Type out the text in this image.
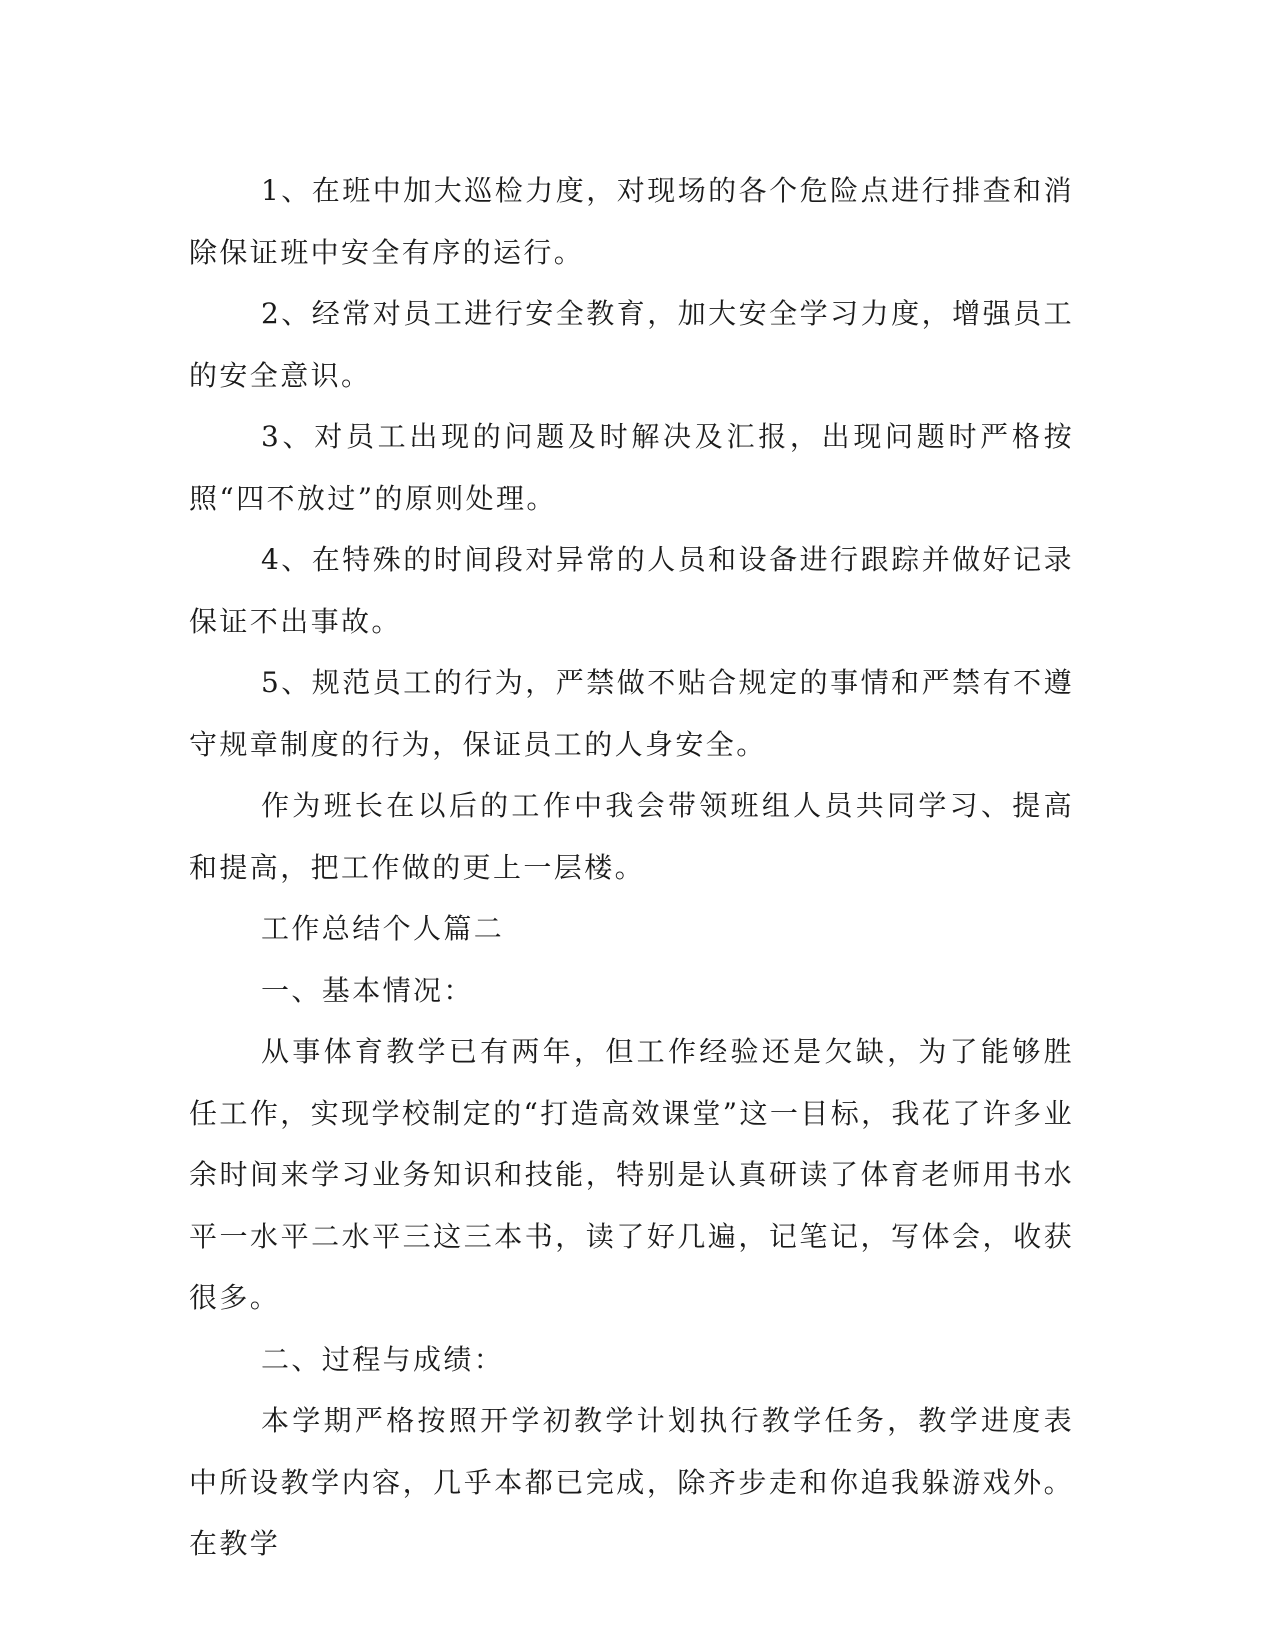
1、在班中加大巡检力度，对现场的各个危险点进行排查和消除保证班中安全有序的运行。

2、经常对员工进行安全教育，加大安全学习力度，增强员工的安全意识。

3、对员工出现的问题及时解决及汇报，出现问题时严格按照“四不放过”的原则处理。

4、在特殊的时间段对异常的人员和设备进行跟踪并做好记录保证不出事故。

5、规范员工的行为，严禁做不贴合规定的事情和严禁有不遵守规章制度的行为，保证员工的人身安全。

作为班长在以后的工作中我会带领班组人员共同学习、提高和提高，把工作做的更上一层楼。

工作总结个人篇二

一、基本情况：

从事体育教学已有两年，但工作经验还是欠缺，为了能够胜任工作，实现学校制定的“打造高效课堂”这一目标，我花了许多业余时间来学习业务知识和技能，特别是认真研读了体育老师用书水平一水平二水平三这三本书，读了好几遍，记笔记，写体会，收获很多。

二、过程与成绩：

本学期严格按照开学初教学计划执行教学任务，教学进度表中所设教学内容，几乎本都已完成，除齐步走和你追我躲游戏外。在教学
